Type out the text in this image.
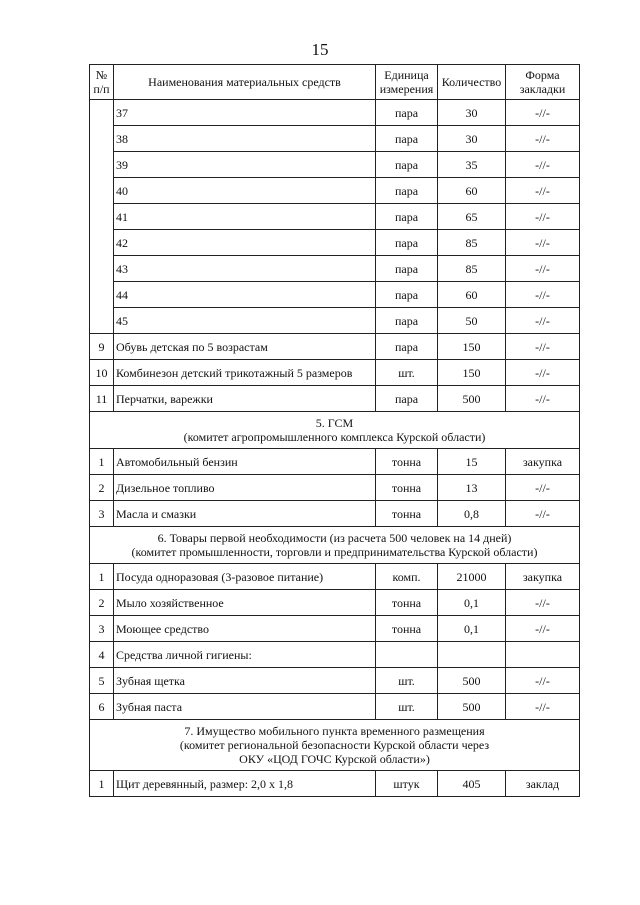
15
№ п/п	Наименования материальных средств	Единица измерения	Количество	Форма закладки
	37	пара	30	-//-
	38	пара	30	-//-
	39	пара	35	-//-
	40	пара	60	-//-
	41	пара	65	-//-
	42	пара	85	-//-
	43	пара	85	-//-
	44	пара	60	-//-
	45	пара	50	-//-
9	Обувь детская по 5 возрастам	пара	150	-//-
10	Комбинезон детский трикотажный 5 размеров	шт.	150	-//-
11	Перчатки, варежки	пара	500	-//-

5. ГСМ
(комитет агропромышленного комплекса Курской области)				

1	Автомобильный бензин	тонна	15	закупка
2	Дизельное топливо	тонна	13	-//-
3	Масла и смазки	тонна	0,8	-//-

6. Товары первой необходимости (из расчета 500 человек на 14 дней)
(комитет промышленности, торговли и предпринимательства Курской области)				

1	Посуда одноразовая (3-разовое питание)	комп.	21000	закупка
2	Мыло хозяйственное	тонна	0,1	-//-
3	Моющее средство	тонна	0,1	-//-
4	Средства личной гигиены:			
5	Зубная щетка	шт.	500	-//-
6	Зубная паста	шт.	500	-//-

7. Имущество мобильного пункта временного размещения
(комитет региональной безопасности Курской области через
ОКУ «ЦОД ГОЧС Курской области»)				

1	Щит деревянный, размер: 2,0 х 1,8	штук	405	заклад
